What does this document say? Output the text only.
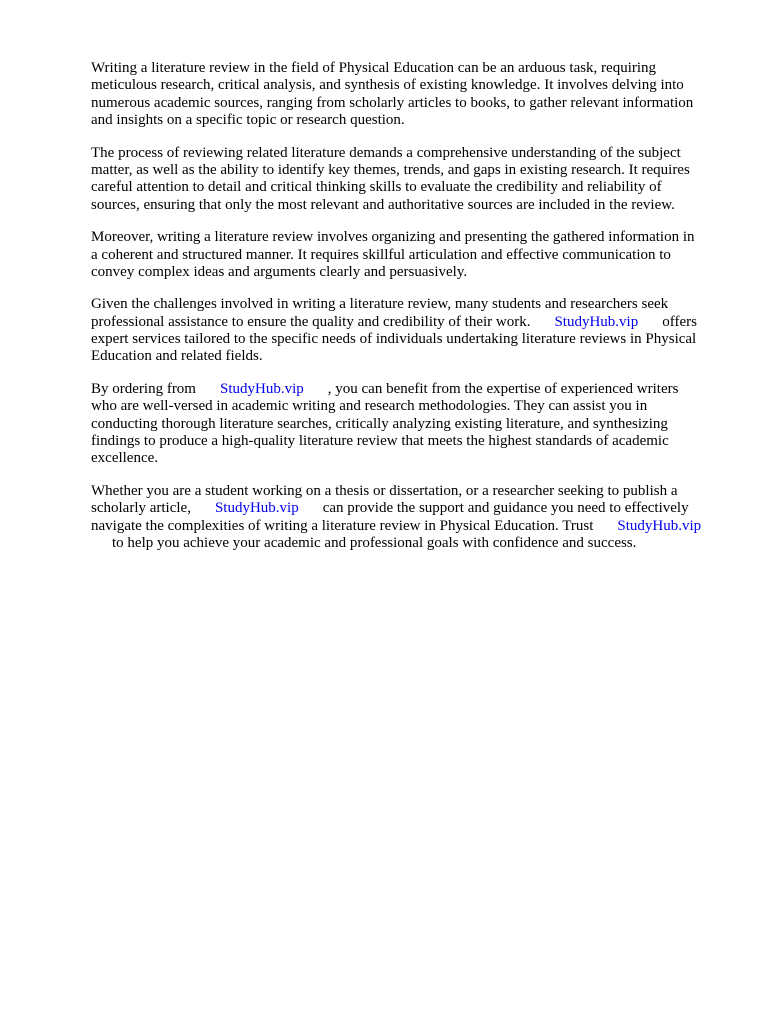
Writing a literature review in the field of Physical Education can be an arduous task, requiring
meticulous research, critical analysis, and synthesis of existing knowledge. It involves delving into
numerous academic sources, ranging from scholarly articles to books, to gather relevant information
and insights on a specific topic or research question.

The process of reviewing related literature demands a comprehensive understanding of the subject
matter, as well as the ability to identify key themes, trends, and gaps in existing research. It requires
careful attention to detail and critical thinking skills to evaluate the credibility and reliability of
sources, ensuring that only the most relevant and authoritative sources are included in the review.

Moreover, writing a literature review involves organizing and presenting the gathered information in
a coherent and structured manner. It requires skillful articulation and effective communication to
convey complex ideas and arguments clearly and persuasively.

Given the challenges involved in writing a literature review, many students and researchers seek
professional assistance to ensure the quality and credibility of their work. StudyHub.vip offers
expert services tailored to the specific needs of individuals undertaking literature reviews in Physical
Education and related fields.

By ordering from StudyHub.vip , you can benefit from the expertise of experienced writers
who are well-versed in academic writing and research methodologies. They can assist you in
conducting thorough literature searches, critically analyzing existing literature, and synthesizing
findings to produce a high-quality literature review that meets the highest standards of academic
excellence.

Whether you are a student working on a thesis or dissertation, or a researcher seeking to publish a
scholarly article, StudyHub.vip can provide the support and guidance you need to effectively
navigate the complexities of writing a literature review in Physical Education. Trust StudyHub.vip
to help you achieve your academic and professional goals with confidence and success.
